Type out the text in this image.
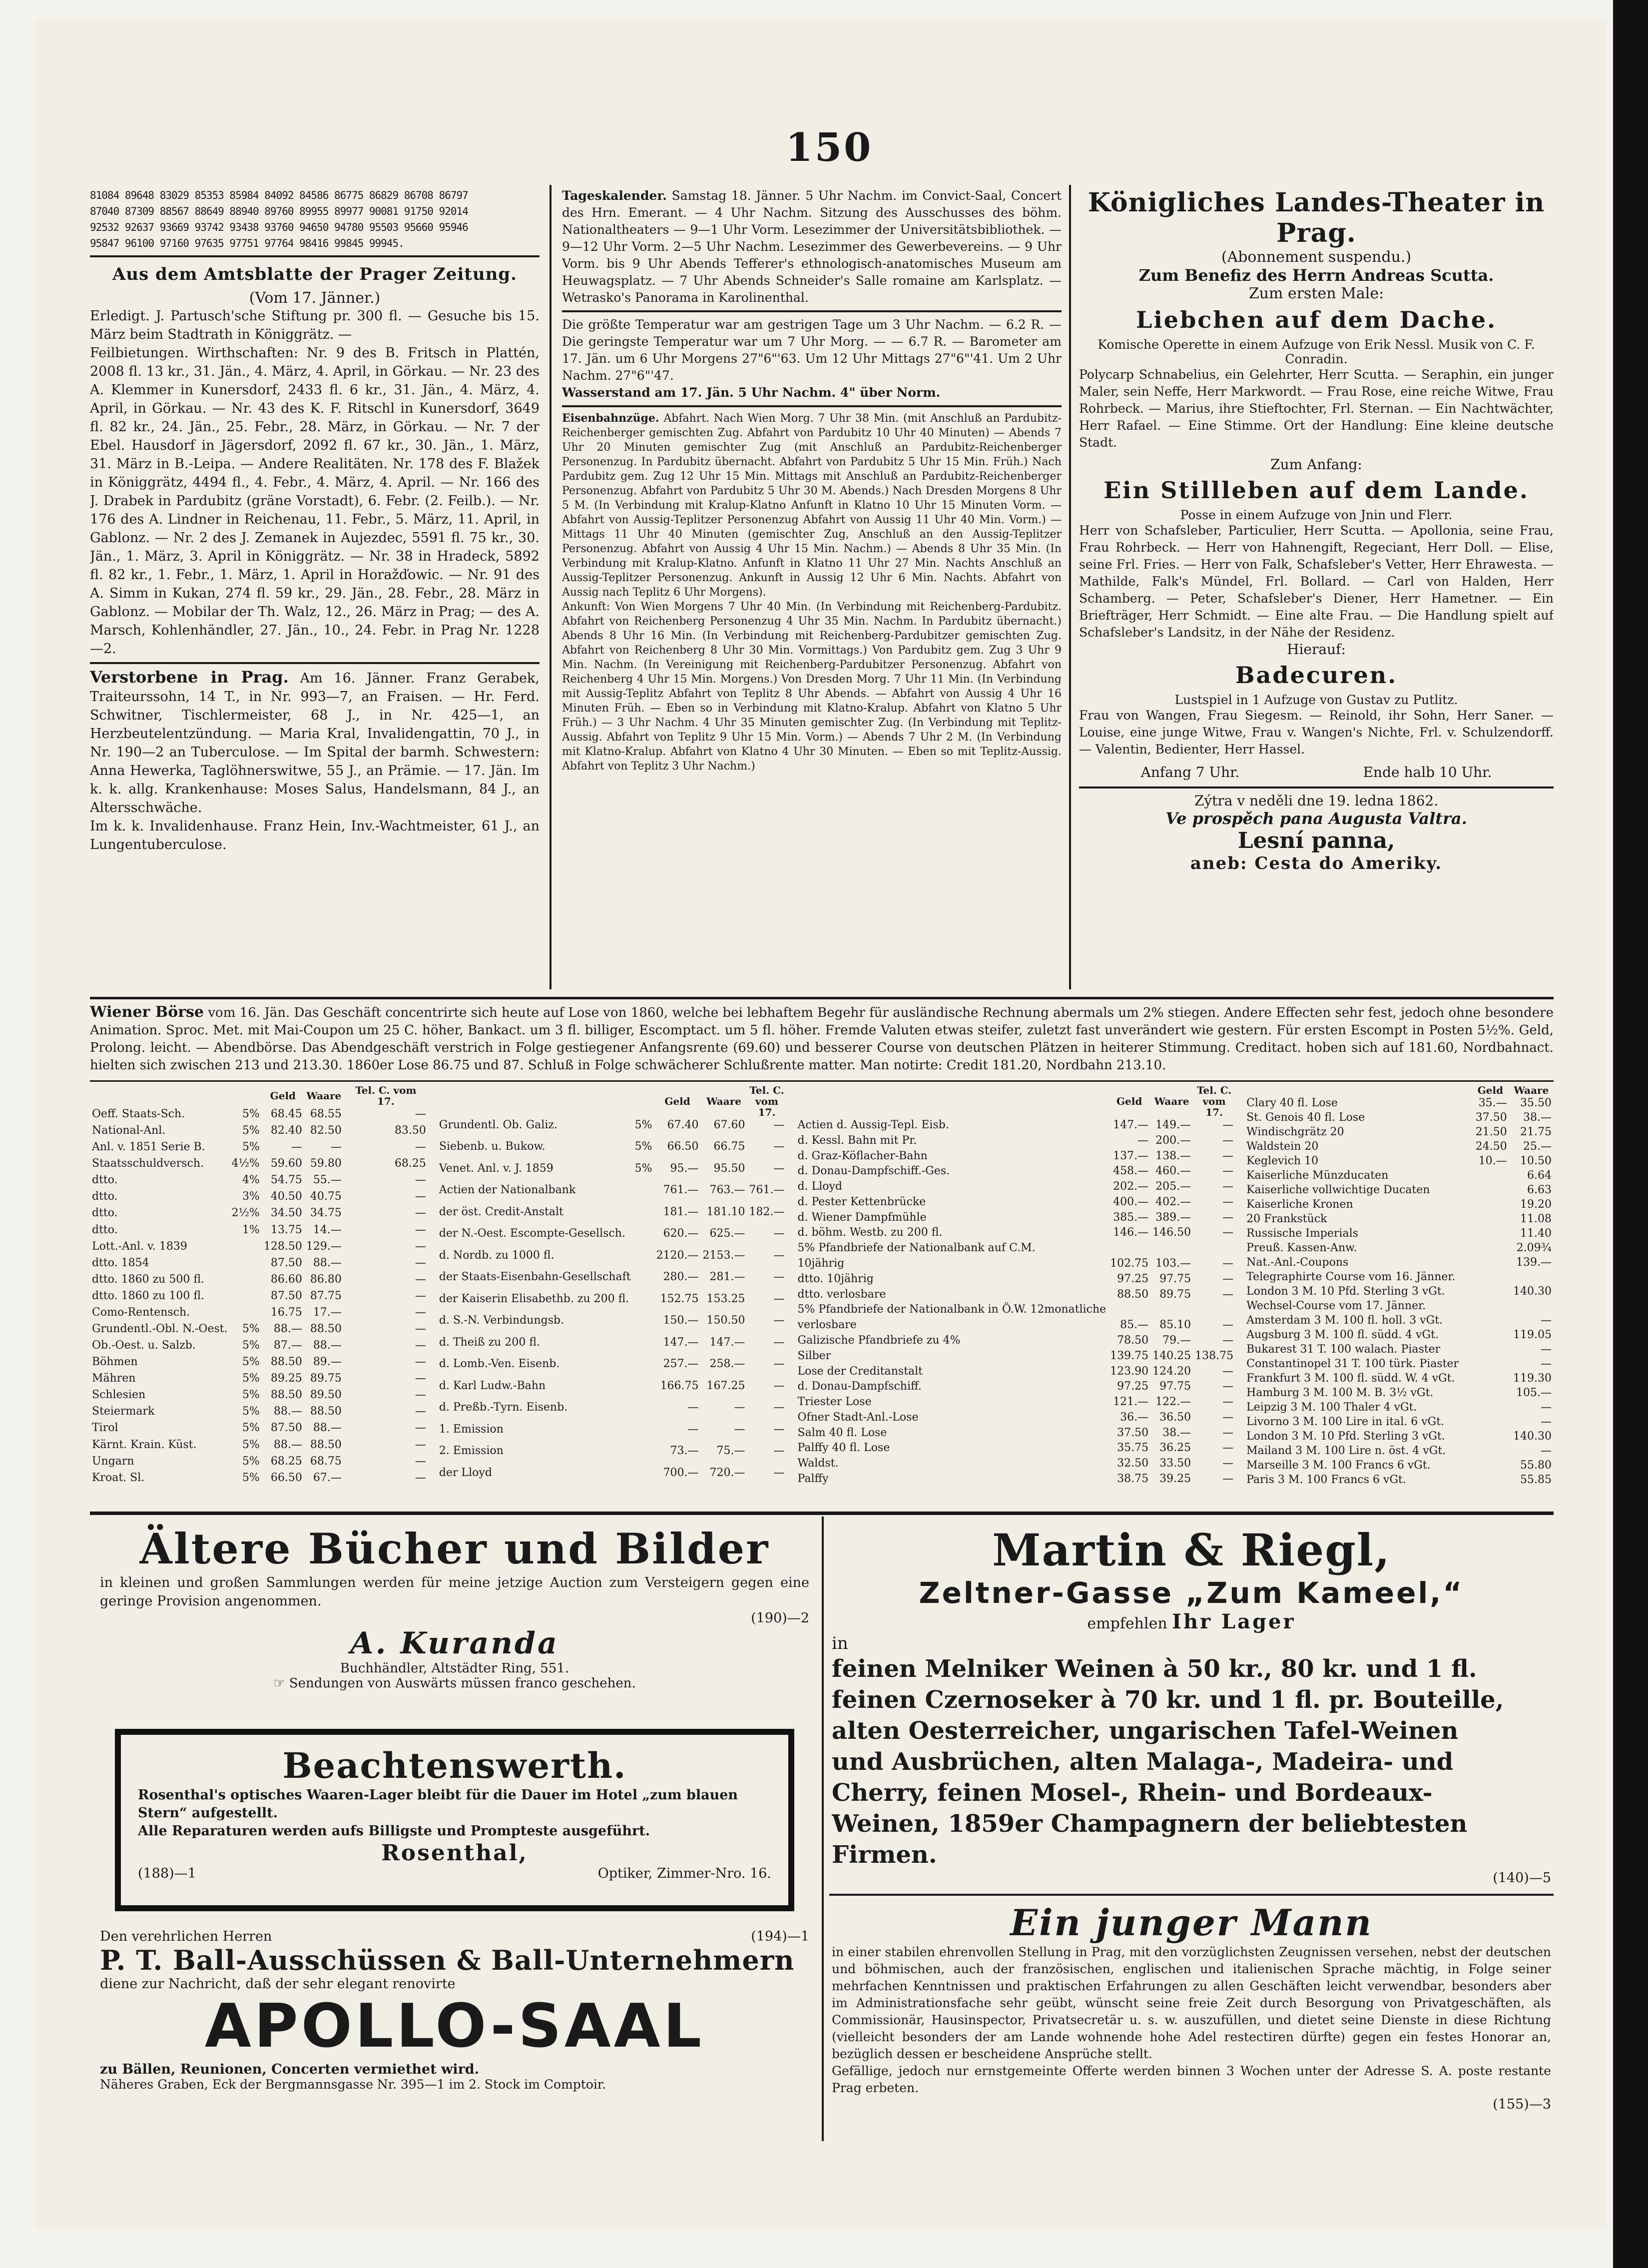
150

81084 89648 83029 85353 85984 84092 84586 86775 86829 86708 86797

87040 87309 88567 88649 88940 89760 89955 89977 90081 91750 92014

92532 92637 93669 93742 93438 93760 94650 94780 95503 95660 95946

95847 96100 97160 97635 97751 97764 98416 99845 99945.

Aus dem Amtsblatte der Prager Zeitung.

(Vom 17. Jänner.)

Erledigt. J. Partusch'sche Stiftung pr. 300 fl. — Gesuche bis 15. März beim Stadtrath in Königgrätz. —

Feilbietungen. Wirthschaften: Nr. 9 des B. Fritsch in Plattén, 2008 fl. 13 kr., 31. Jän., 4. März, 4. April, in Görkau. — Nr. 23 des A. Klemmer in Kunersdorf, 2433 fl. 6 kr., 31. Jän., 4. März, 4. April, in Görkau. — Nr. 43 des K. F. Ritschl in Kunersdorf, 3649 fl. 82 kr., 24. Jän., 25. Febr., 28. März, in Görkau. — Nr. 7 der Ebel. Hausdorf in Jägersdorf, 2092 fl. 67 kr., 30. Jän., 1. März, 31. März in B.-Leipa. — Andere Realitäten. Nr. 178 des F. Blažek in Königgrätz, 4494 fl., 4. Febr., 4. März, 4. April. — Nr. 166 des J. Drabek in Pardubitz (gräne Vorstadt), 6. Febr. (2. Feilb.). — Nr. 176 des A. Lindner in Reichenau, 11. Febr., 5. März, 11. April, in Gablonz. — Nr. 2 des J. Zemanek in Aujezdec, 5591 fl. 75 kr., 30. Jän., 1. März, 3. April in Königgrätz. — Nr. 38 in Hradeck, 5892 fl. 82 kr., 1. Febr., 1. März, 1. April in Horažďowic. — Nr. 91 des A. Simm in Kukan, 274 fl. 59 kr., 29. Jän., 28. Febr., 28. März in Gablonz. — Mobilar der Th. Walz, 12., 26. März in Prag; — des A. Marsch, Kohlenhändler, 27. Jän., 10., 24. Febr. in Prag Nr. 1228—2.

Verstorbene in Prag. Am 16. Jänner. Franz Gerabek, Traiteurssohn, 14 T., in Nr. 993—7, an Fraisen. — Hr. Ferd. Schwitner, Tischlermeister, 68 J., in Nr. 425—1, an Herzbeutelentzündung. — Maria Kral, Invalidengattin, 70 J., in Nr. 190—2 an Tuberculose. — Im Spital der barmh. Schwestern: Anna Hewerka, Taglöhnerswitwe, 55 J., an Prämie. — 17. Jän. Im k. k. allg. Krankenhause: Moses Salus, Handelsmann, 84 J., an Altersschwäche.

Im k. k. Invalidenhause. Franz Hein, Inv.-Wachtmeister, 61 J., an Lungentuberculose.

Tageskalender. Samstag 18. Jänner. 5 Uhr Nachm. im Convict-Saal, Concert des Hrn. Emerant. — 4 Uhr Nachm. Sitzung des Ausschusses des böhm. Nationaltheaters — 9—1 Uhr Vorm. Lesezimmer der Universitätsbibliothek. — 9—12 Uhr Vorm. 2—5 Uhr Nachm. Lesezimmer des Gewerbevereins. — 9 Uhr Vorm. bis 9 Uhr Abends Tefferer's ethnologisch-anatomisches Museum am Heuwagsplatz. — 7 Uhr Abends Schneider's Salle romaine am Karlsplatz. — Wetrasko's Panorama in Karolinenthal.

Die größte Temperatur war am gestrigen Tage um 3 Uhr Nachm. — 6.2 R. — Die geringste Temperatur war um 7 Uhr Morg. — — 6.7 R. — Barometer am 17. Jän. um 6 Uhr Morgens 27"6"'63. Um 12 Uhr Mittags 27"6"'41. Um 2 Uhr Nachm. 27"6"'47.

Wasserstand am 17. Jän. 5 Uhr Nachm. 4" über Norm.

Eisenbahnzüge. Abfahrt. Nach Wien Morg. 7 Uhr 38 Min. (mit Anschluß an Pardubitz-Reichenberger gemischten Zug. Abfahrt von Pardubitz 10 Uhr 40 Minuten) — Abends 7 Uhr 20 Minuten gemischter Zug (mit Anschluß an Pardubitz-Reichenberger Personenzug. In Pardubitz übernacht. Abfahrt von Pardubitz 5 Uhr 15 Min. Früh.) Nach Pardubitz gem. Zug 12 Uhr 15 Min. Mittags mit Anschluß an Pardubitz-Reichenberger Personenzug. Abfahrt von Pardubitz 5 Uhr 30 M. Abends.) Nach Dresden Morgens 8 Uhr 5 M. (In Verbindung mit Kralup-Klatno Anfunft in Klatno 10 Uhr 15 Minuten Vorm. — Abfahrt von Aussig-Teplitzer Personenzug Abfahrt von Aussig 11 Uhr 40 Min. Vorm.) — Mittags 11 Uhr 40 Minuten (gemischter Zug, Anschluß an den Aussig-Teplitzer Personenzug. Abfahrt von Aussig 4 Uhr 15 Min. Nachm.) — Abends 8 Uhr 35 Min. (In Verbindung mit Kralup-Klatno. Anfunft in Klatno 11 Uhr 27 Min. Nachts Anschluß an Aussig-Teplitzer Personenzug. Ankunft in Aussig 12 Uhr 6 Min. Nachts. Abfahrt von Aussig nach Teplitz 6 Uhr Morgens).

Ankunft: Von Wien Morgens 7 Uhr 40 Min. (In Verbindung mit Reichenberg-Pardubitz. Abfahrt von Reichenberg Personenzug 4 Uhr 35 Min. Nachm. In Pardubitz übernacht.) Abends 8 Uhr 16 Min. (In Verbindung mit Reichenberg-Pardubitzer gemischten Zug. Abfahrt von Reichenberg 8 Uhr 30 Min. Vormittags.) Von Pardubitz gem. Zug 3 Uhr 9 Min. Nachm. (In Vereinigung mit Reichenberg-Pardubitzer Personenzug. Abfahrt von Reichenberg 4 Uhr 15 Min. Morgens.) Von Dresden Morg. 7 Uhr 11 Min. (In Verbindung mit Aussig-Teplitz Abfahrt von Teplitz 8 Uhr Abends. — Abfahrt von Aussig 4 Uhr 16 Minuten Früh. — Eben so in Verbindung mit Klatno-Kralup. Abfahrt von Klatno 5 Uhr Früh.) — 3 Uhr Nachm. 4 Uhr 35 Minuten gemischter Zug. (In Verbindung mit Teplitz-Aussig. Abfahrt von Teplitz 9 Uhr 15 Min. Vorm.) — Abends 7 Uhr 2 M. (In Verbindung mit Klatno-Kralup. Abfahrt von Klatno 4 Uhr 30 Minuten. — Eben so mit Teplitz-Aussig. Abfahrt von Teplitz 3 Uhr Nachm.)

Königliches Landes-Theater in Prag.

(Abonnement suspendu.)

Zum Benefiz des Herrn Andreas Scutta.

Zum ersten Male:

Liebchen auf dem Dache.

Komische Operette in einem Aufzuge von Erik Nessl. Musik von C. F. Conradin.

Polycarp Schnabelius, ein Gelehrter, Herr Scutta. — Seraphin, ein junger Maler, sein Neffe, Herr Markwordt. — Frau Rose, eine reiche Witwe, Frau Rohrbeck. — Marius, ihre Stieftochter, Frl. Sternan. — Ein Nachtwächter, Herr Rafael. — Eine Stimme. Ort der Handlung: Eine kleine deutsche Stadt.

Zum Anfang:

Ein Stillleben auf dem Lande.

Posse in einem Aufzuge von Jnin und Flerr.

Herr von Schafsleber, Particulier, Herr Scutta. — Apollonia, seine Frau, Frau Rohrbeck. — Herr von Hahnengift, Regeciant, Herr Doll. — Elise, seine Frl. Fries. — Herr von Falk, Schafsleber's Vetter, Herr Ehrawesta. — Mathilde, Falk's Mündel, Frl. Bollard. — Carl von Halden, Herr Schamberg. — Peter, Schafsleber's Diener, Herr Hametner. — Ein Briefträger, Herr Schmidt. — Eine alte Frau. — Die Handlung spielt auf Schafsleber's Landsitz, in der Nähe der Residenz.

Hierauf:

Badecuren.

Lustspiel in 1 Aufzuge von Gustav zu Putlitz.

Frau von Wangen, Frau Siegesm. — Reinold, ihr Sohn, Herr Saner. — Louise, eine junge Witwe, Frau v. Wangen's Nichte, Frl. v. Schulzendorff. — Valentin, Bedienter, Herr Hassel.

Anfang 7 Uhr.	Ende halb 10 Uhr.

Zýtra v neděli dne 19. ledna 1862.

Ve prospěch pana Augusta Valtra.

Lesní panna,

aneb: Cesta do Ameriky.

Wiener Börse vom 16. Jän. Das Geschäft concentrirte sich heute auf Lose von 1860, welche bei lebhaftem Begehr für ausländische Rechnung abermals um 2% stiegen. Andere Effecten sehr fest, jedoch ohne besondere Animation. Sproc. Met. mit Mai-Coupon um 25 C. höher, Bankact. um 3 fl. billiger, Escomptact. um 5 fl. höher. Fremde Valuten etwas steifer, zuletzt fast unverändert wie gestern. Für ersten Escompt in Posten 5½%. Geld, Prolong. leicht. — Abendbörse. Das Abendgeschäft verstrich in Folge gestiegener Anfangsrente (69.60) und besserer Course von deutschen Plätzen in heiterer Stimmung. Creditact. hoben sich auf 181.60, Nordbahnact. hielten sich zwischen 213 und 213.30. 1860er Lose 86.75 und 87. Schluß in Folge schwächerer Schlußrente matter. Man notirte: Credit 181.20, Nordbahn 213.10.

		Geld	Waare	Tel. C. vom 17.
Oeff. Staats-Sch.	5%	68.45	68.55	—
National-Anl.	5%	82.40	82.50	83.50
Anl. v. 1851 Serie B.	5%	—	—	—
Staatsschuldversch.	4½%	59.60	59.80	68.25
dtto.	4%	54.75	55.—	—
dtto.	3%	40.50	40.75	—
dtto.	2½%	34.50	34.75	—
dtto.	1%	13.75	14.—	—
Lott.-Anl. v. 1839		128.50	129.—	—
dtto. 1854		87.50	88.—	—
dtto. 1860 zu 500 fl.		86.60	86.80	—
dtto. 1860 zu 100 fl.		87.50	87.75	—
Como-Rentensch.		16.75	17.—	—
Grundentl.-Obl. N.-Oest.	5%	88.—	88.50	—
Ob.-Oest. u. Salzb.	5%	87.—	88.—	—
Böhmen	5%	88.50	89.—	—
Mähren	5%	89.25	89.75	—
Schlesien	5%	88.50	89.50	—
Steiermark	5%	88.—	88.50	—
Tirol	5%	87.50	88.—	—
Kärnt. Krain. Küst.	5%	88.—	88.50	—
Ungarn	5%	68.25	68.75	—
Kroat. Sl.	5%	66.50	67.—	—
		Geld	Waare	Tel. C. vom 17.
Grundentl. Ob. Galiz.	5%	67.40	67.60	—
Siebenb. u. Bukow.	5%	66.50	66.75	—
Venet. Anl. v. J. 1859	5%	95.—	95.50	—
Actien der Nationalbank		761.—	763.—	761.—
der öst. Credit-Anstalt		181.—	181.10	182.—
der N.-Oest. Escompte-Gesellsch.		620.—	625.—	—
d. Nordb. zu 1000 fl.		2120.—	2153.—	—
der Staats-Eisenbahn-Gesellschaft		280.—	281.—	—
der Kaiserin Elisabethb. zu 200 fl.		152.75	153.25	—
d. S.-N. Verbindungsb.		150.—	150.50	—
d. Theiß zu 200 fl.		147.—	147.—	—
d. Lomb.-Ven. Eisenb.		257.—	258.—	—
d. Karl Ludw.-Bahn		166.75	167.25	—
d. Preßb.-Tyrn. Eisenb.		—	—	—
1. Emission		—	—	—
2. Emission		73.—	75.—	—
der Lloyd		700.—	720.—	—
	Geld	Waare	Tel. C. vom 17.
Actien d. Aussig-Tepl. Eisb.	147.—	149.—	—
d. Kessl. Bahn mit Pr.	—	200.—	—
d. Graz-Köflacher-Bahn	137.—	138.—	—
d. Donau-Dampfschiff.-Ges.	458.—	460.—	—
d. Lloyd	202.—	205.—	—
d. Pester Kettenbrücke	400.—	402.—	—
d. Wiener Dampfmühle	385.—	389.—	—
d. böhm. Westb. zu 200 fl.	146.—	146.50	—
5% Pfandbriefe der Nationalbank auf C.M.			
10jährig	102.75	103.—	—
dtto. 10jährig	97.25	97.75	—
dtto. verlosbare	88.50	89.75	—
5% Pfandbriefe der Nationalbank in Ö.W. 12monatliche			
verlosbare	85.—	85.10	—
Galizische Pfandbriefe zu 4%	78.50	79.—	—
Silber	139.75	140.25	138.75
Lose der Creditanstalt	123.90	124.20	—
d. Donau-Dampfschiff.	97.25	97.75	—
Triester Lose	121.—	122.—	—
Ofner Stadt-Anl.-Lose	36.—	36.50	—
Salm 40 fl. Lose	37.50	38.—	—
Palffy 40 fl. Lose	35.75	36.25	—
Waldst.	32.50	33.50	—
Palffy	38.75	39.25	—
	Geld	Waare
Clary 40 fl. Lose	35.—	35.50
St. Genois 40 fl. Lose	37.50	38.—
Windischgrätz 20	21.50	21.75
Waldstein 20	24.50	25.—
Keglevich 10	10.—	10.50
Kaiserliche Münzducaten		6.64
Kaiserliche vollwichtige Ducaten		6.63
Kaiserliche Kronen		19.20
20 Frankstück		11.08
Russische Imperials		11.40
Preuß. Kassen-Anw.		2.09¾
Nat.-Anl.-Coupons		139.—
Telegraphirte Course vom 16. Jänner.		
London 3 M. 10 Pfd. Sterling 3 vGt.		140.30
Wechsel-Course vom 17. Jänner.		
Amsterdam 3 M. 100 fl. holl. 3 vGt.		—
Augsburg 3 M. 100 fl. südd. 4 vGt.		119.05
Bukarest 31 T. 100 walach. Piaster		—
Constantinopel 31 T. 100 türk. Piaster		—
Frankfurt 3 M. 100 fl. südd. W. 4 vGt.		119.30
Hamburg 3 M. 100 M. B. 3½ vGt.		105.—
Leipzig 3 M. 100 Thaler 4 vGt.		—
Livorno 3 M. 100 Lire in ital. 6 vGt.		—
London 3 M. 10 Pfd. Sterling 3 vGt.		140.30
Mailand 3 M. 100 Lire n. öst. 4 vGt.		—
Marseille 3 M. 100 Francs 6 vGt.		55.80
Paris 3 M. 100 Francs 6 vGt.		55.85

Ältere Bücher und Bilder

in kleinen und großen Sammlungen werden für meine jetzige Auction zum Versteigern gegen eine geringe Provision angenommen.

(190)—2

A. Kuranda

Buchhändler, Altstädter Ring, 551.

☞ Sendungen von Auswärts müssen franco geschehen.

Beachtenswerth.

Rosenthal's optisches Waaren-Lager bleibt für die Dauer im Hotel „zum blauen Stern“ aufgestellt.

Alle Reparaturen werden aufs Billigste und Prompteste ausgeführt.

Rosenthal,

(188)—1	Optiker, Zimmer-Nro. 16.
Den verehrlichen Herren	(194)—1

P. T. Ball-Ausschüssen & Ball-Unternehmern

diene zur Nachricht, daß der sehr elegant renovirte

APOLLO-SAAL

zu Bällen, Reunionen, Concerten vermiethet wird.

Näheres Graben, Eck der Bergmannsgasse Nr. 395—1 im 2. Stock im Comptoir.

Martin & Riegl,

Zeltner-Gasse „Zum Kameel,“

empfehlen Ihr Lager

in

feinen Melniker Weinen à 50 kr., 80 kr. und 1 fl.

feinen Czernoseker à 70 kr. und 1 fl. pr. Bouteille,

alten Oesterreicher, ungarischen Tafel-Weinen

und Ausbrüchen, alten Malaga-, Madeira- und

Cherry, feinen Mosel-, Rhein- und Bordeaux-

Weinen, 1859er Champagnern der beliebtesten

Firmen.

(140)—5

Ein junger Mann

in einer stabilen ehrenvollen Stellung in Prag, mit den vorzüglichsten Zeugnissen versehen, nebst der deutschen und böhmischen, auch der französischen, englischen und italienischen Sprache mächtig, in Folge seiner mehrfachen Kenntnissen und praktischen Erfahrungen zu allen Geschäften leicht verwendbar, besonders aber im Administrationsfache sehr geübt, wünscht seine freie Zeit durch Besorgung von Privatgeschäften, als Commissionär, Hausinspector, Privatsecretär u. s. w. auszufüllen, und dietet seine Dienste in diese Richtung (vielleicht besonders der am Lande wohnende hohe Adel restectiren dürfte) gegen ein festes Honorar an, bezüglich dessen er bescheidene Ansprüche stellt.

Gefällige, jedoch nur ernstgemeinte Offerte werden binnen 3 Wochen unter der Adresse S. A. poste restante Prag erbeten.

(155)—3
